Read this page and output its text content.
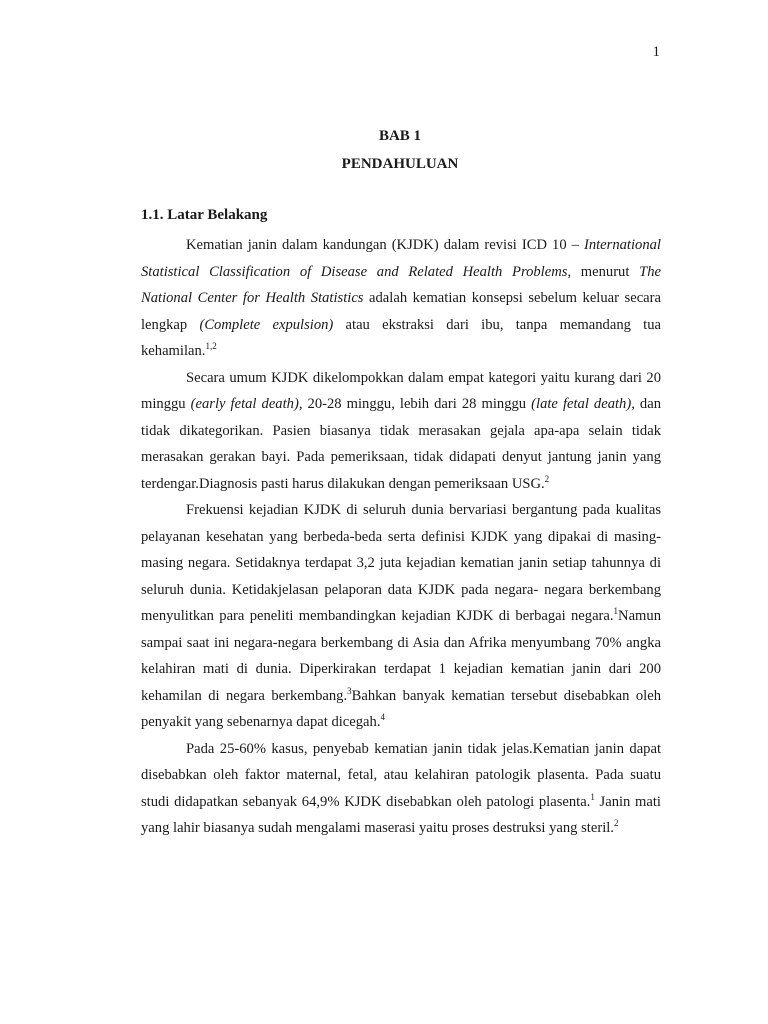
1
BAB 1
PENDAHULUAN
1.1. Latar Belakang

Kematian janin dalam kandungan (KJDK) dalam revisi ICD 10 – International Statistical Classification of Disease and Related Health Problems, menurut The National Center for Health Statistics adalah kematian konsepsi sebelum keluar secara lengkap (Complete expulsion) atau ekstraksi dari ibu, tanpa memandang tua kehamilan.$^{1,2}$

Secara umum KJDK dikelompokkan dalam empat kategori yaitu kurang dari 20 minggu (early fetal death), 20-28 minggu, lebih dari 28 minggu (late fetal death), dan tidak dikategorikan. Pasien biasanya tidak merasakan gejala apa-apa selain tidak merasakan gerakan bayi. Pada pemeriksaan, tidak didapati denyut jantung janin yang terdengar.Diagnosis pasti harus dilakukan dengan pemeriksaan USG.$^2$

Frekuensi kejadian KJDK di seluruh dunia bervariasi bergantung pada kualitas pelayanan kesehatan yang berbeda-beda serta definisi KJDK yang dipakai di masing-masing negara. Setidaknya terdapat 3,2 juta kejadian kematian janin setiap tahunnya di seluruh dunia. Ketidakjelasan pelaporan data KJDK pada negara- negara berkembang menyulitkan para peneliti membandingkan kejadian KJDK di berbagai negara.$^1$Namun sampai saat ini negara-negara berkembang di Asia dan Afrika menyumbang 70% angka kelahiran mati di dunia. Diperkirakan terdapat 1 kejadian kematian janin dari 200 kehamilan di negara berkembang.$^3$Bahkan banyak kematian tersebut disebabkan oleh penyakit yang sebenarnya dapat dicegah.$^4$

Pada 25-60% kasus, penyebab kematian janin tidak jelas.Kematian janin dapat disebabkan oleh faktor maternal, fetal, atau kelahiran patologik plasenta. Pada suatu studi didapatkan sebanyak 64,9% KJDK disebabkan oleh patologi plasenta.$^1$ Janin mati yang lahir biasanya sudah mengalami maserasi yaitu proses destruksi yang steril.$^2$
